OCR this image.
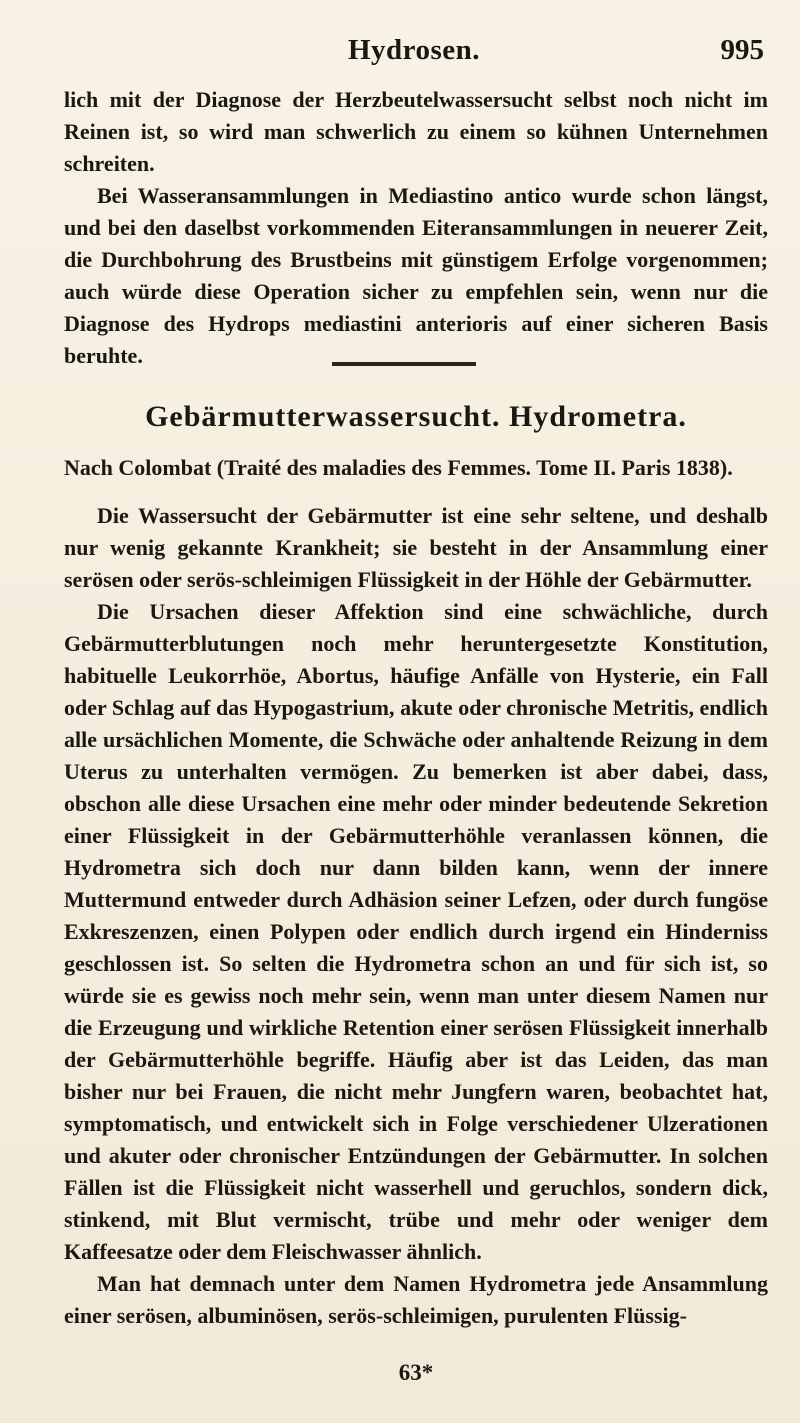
Hydrosen.	995

lich mit der Diagnose der Herzbeutelwassersucht selbst noch nicht im Reinen ist, so wird man schwerlich zu einem so kühnen Unternehmen schreiten.

Bei Wasseransammlungen in Mediastino antico wurde schon längst, und bei den daselbst vorkommenden Eiteransammlungen in neuerer Zeit, die Durchbohrung des Brustbeins mit günstigem Erfolge vorgenommen; auch würde diese Operation sicher zu empfehlen sein, wenn nur die Diagnose des Hydrops mediastini anterioris auf einer sicheren Basis beruhte.

Gebärmutterwassersucht. Hydrometra.
Nach Colombat (Traité des maladies des Femmes. Tome II. Paris 1838).

Die Wassersucht der Gebärmutter ist eine sehr seltene, und deshalb nur wenig gekannte Krankheit; sie besteht in der Ansammlung einer serösen oder serös-schleimigen Flüssigkeit in der Höhle der Gebärmutter.

Die Ursachen dieser Affektion sind eine schwächliche, durch Gebärmutterblutungen noch mehr heruntergesetzte Konstitution, habituelle Leukorrhöe, Abortus, häufige Anfälle von Hysterie, ein Fall oder Schlag auf das Hypogastrium, akute oder chronische Metritis, endlich alle ursächlichen Momente, die Schwäche oder anhaltende Reizung in dem Uterus zu unterhalten vermögen. Zu bemerken ist aber dabei, dass, obschon alle diese Ursachen eine mehr oder minder bedeutende Sekretion einer Flüssigkeit in der Gebärmutterhöhle veranlassen können, die Hydrometra sich doch nur dann bilden kann, wenn der innere Muttermund entweder durch Adhäsion seiner Lefzen, oder durch fungöse Exkreszenzen, einen Polypen oder endlich durch irgend ein Hinderniss geschlossen ist. So selten die Hydrometra schon an und für sich ist, so würde sie es gewiss noch mehr sein, wenn man unter diesem Namen nur die Erzeugung und wirkliche Retention einer serösen Flüssigkeit innerhalb der Gebärmutterhöhle begriffe. Häufig aber ist das Leiden, das man bisher nur bei Frauen, die nicht mehr Jungfern waren, beobachtet hat, symptomatisch, und entwickelt sich in Folge verschiedener Ulzerationen und akuter oder chronischer Entzündungen der Gebärmutter. In solchen Fällen ist die Flüssigkeit nicht wasserhell und geruchlos, sondern dick, stinkend, mit Blut vermischt, trübe und mehr oder weniger dem Kaffeesatze oder dem Fleischwasser ähnlich.

Man hat demnach unter dem Namen Hydrometra jede Ansammlung einer serösen, albuminösen, serös-schleimigen, purulenten Flüssig-

63*
